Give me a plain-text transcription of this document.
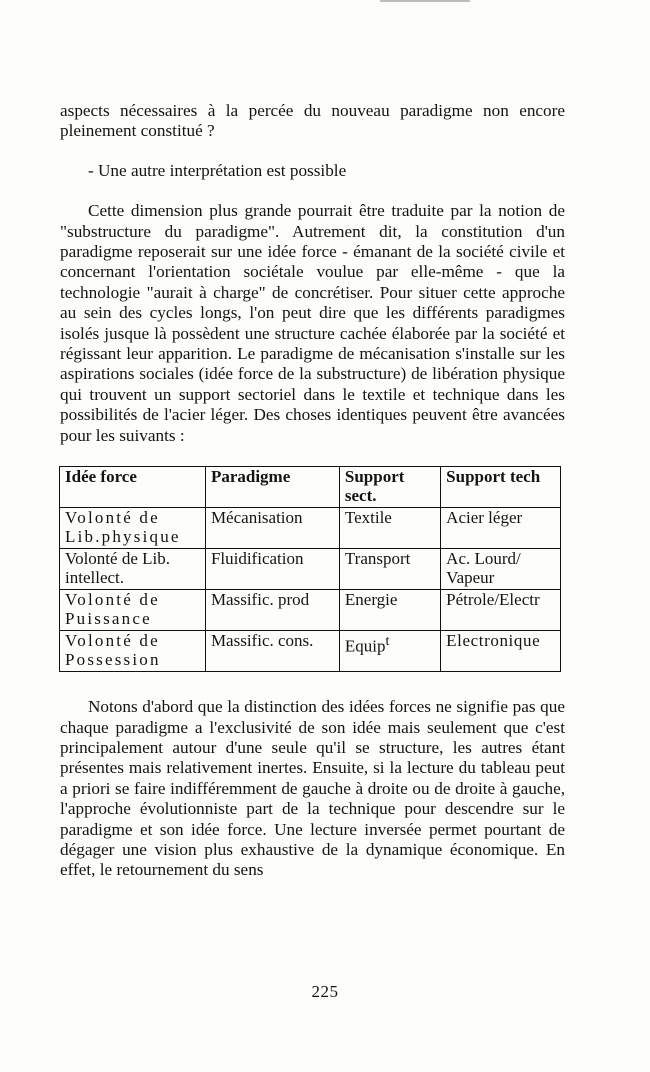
aspects nécessaires à la percée du nouveau paradigme non encore pleinement constitué ?

- Une autre interprétation est possible

Cette dimension plus grande pourrait être traduite par la notion de "substructure du paradigme". Autrement dit, la constitution d'un paradigme reposerait sur une idée force - émanant de la société civile et concernant l'orientation sociétale voulue par elle-même - que la technologie "aurait à charge" de concrétiser. Pour situer cette approche au sein des cycles longs, l'on peut dire que les différents paradigmes isolés jusque là possèdent une structure cachée élaborée par la société et régissant leur apparition. Le paradigme de mécanisation s'installe sur les aspirations sociales (idée force de la substructure) de libération physique qui trouvent un support sectoriel dans le textile et technique dans les possibilités de l'acier léger. Des choses identiques peuvent être avancées pour les suivants :

Idée force	Paradigme	Support sect.	Support tech
Volonté de Lib.physique	Mécanisation	Textile	Acier léger
Volonté de Lib. intellect.	Fluidification	Transport	Ac. Lourd/ Vapeur
Volonté de Puissance	Massific. prod	Energie	Pétrole/Electr
Volonté de Possession	Massific. cons.	Equip$^t$	Electronique

Notons d'abord que la distinction des idées forces ne signifie pas que chaque paradigme a l'exclusivité de son idée mais seulement que c'est principalement autour d'une seule qu'il se structure, les autres étant présentes mais relativement inertes. Ensuite, si la lecture du tableau peut a priori se faire indifféremment de gauche à droite ou de droite à gauche, l'approche évolutionniste part de la technique pour descendre sur le paradigme et son idée force. Une lecture inversée permet pourtant de dégager une vision plus exhaustive de la dynamique économique. En effet, le retournement du sens

225
